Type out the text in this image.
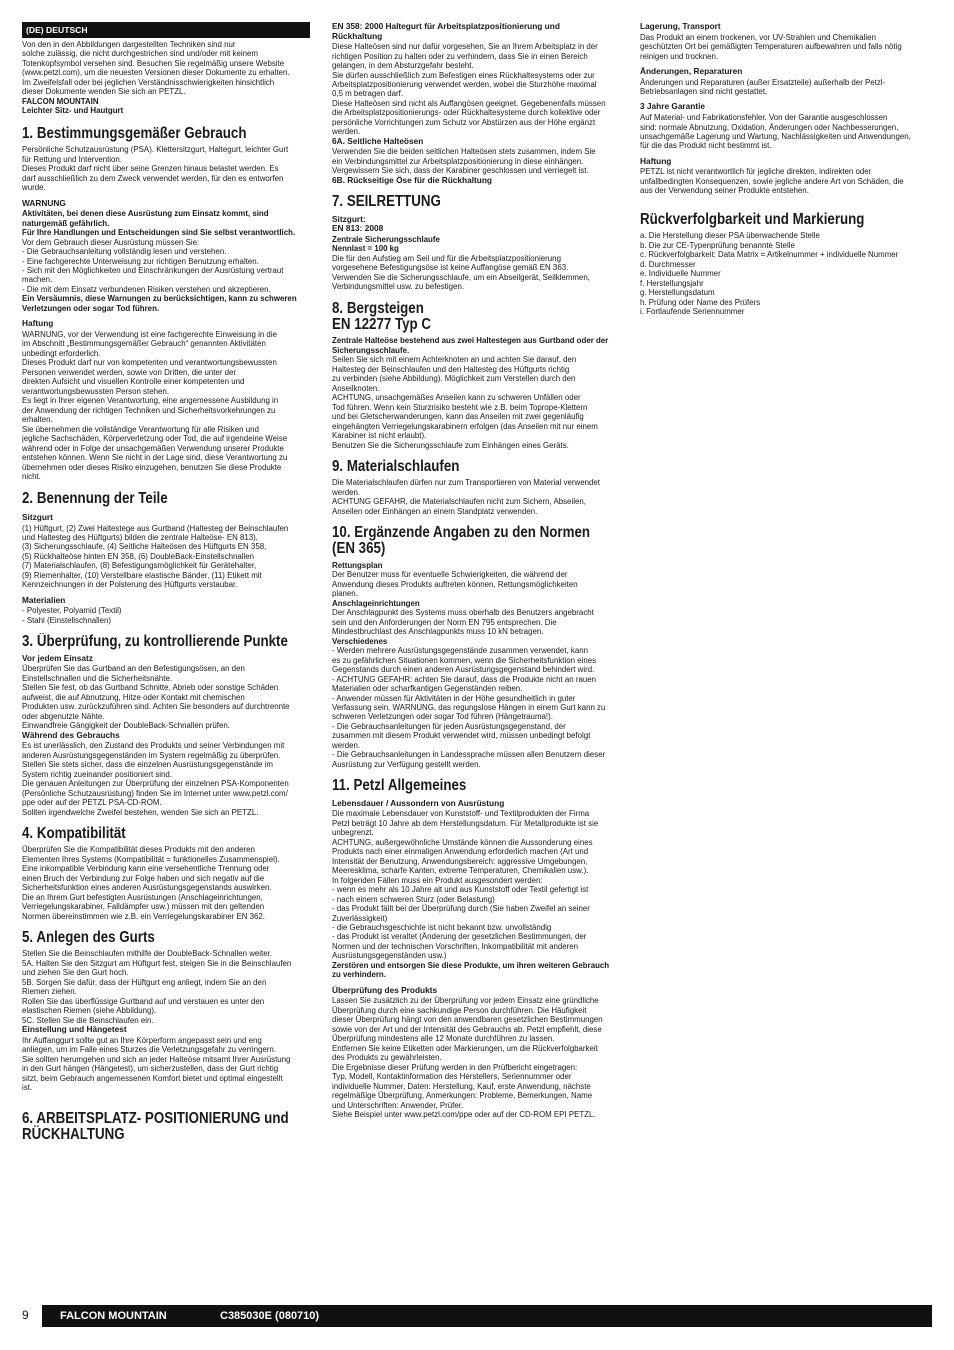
(DE) DEUTSCH

Von den in den Abbildungen dargestellten Techniken sind nur
solche zulässig, die nicht durchgestrichen sind und/oder mit keinem
Totenkopfsymbol versehen sind. Besuchen Sie regelmäßig unsere Website
(www.petzl.com), um die neuesten Versionen dieser Dokumente zu erhalten.
Im Zweifelsfall oder bei jeglichen Verständnisschwierigkeiten hinsichtlich
dieser Dokumente wenden Sie sich an PETZL.

FALCON MOUNTAIN

Leichter Sitz- und Hautgurt

1. Bestimmungsgemäßer Gebrauch

Persönliche Schutzausrüstung (PSA). Klettersitzgurt, Haltegurt, leichter Gurt
für Rettung und Intervention.
Dieses Produkt darf nicht über seine Grenzen hinaus belastet werden. Es
darf ausschließlich zu dem Zweck verwendet werden, für den es entworfen
wurde.

WARNUNG

Aktivitäten, bei denen diese Ausrüstung zum Einsatz kommt, sind
naturgemäß gefährlich.
Für Ihre Handlungen und Entscheidungen sind Sie selbst verantwortlich.

Vor dem Gebrauch dieser Ausrüstung müssen Sie:
- Die Gebrauchsanleitung vollständig lesen und verstehen.
- Eine fachgerechte Unterweisung zur richtigen Benutzung erhalten.
- Sich mit den Möglichkeiten und Einschränkungen der Ausrüstung vertraut
machen.
- Die mit dem Einsatz verbundenen Risiken verstehen und akzeptieren.

Ein Versäumnis, diese Warnungen zu berücksichtigen, kann zu schweren
Verletzungen oder sogar Tod führen.

Haftung

WARNUNG, vor der Verwendung ist eine fachgerechte Einweisung in die
im Abschnitt „Bestimmungsgemäßer Gebrauch“ genannten Aktivitäten
unbedingt erforderlich.
Dieses Produkt darf nur von kompetenten und verantwortungsbewussten
Personen verwendet werden, sowie von Dritten, die unter der
direkten Aufsicht und visuellen Kontrolle einer kompetenten und
verantwortungsbewussten Person stehen.
Es liegt in Ihrer eigenen Verantwortung, eine angemessene Ausbildung in
der Anwendung der richtigen Techniken und Sicherheitsvorkehrungen zu
erhalten.
Sie übernehmen die vollständige Verantwortung für alle Risiken und
jegliche Sachschäden, Körperverletzung oder Tod, die auf irgendeine Weise
während oder in Folge der unsachgemäßen Verwendung unserer Produkte
entstehen können. Wenn Sie nicht in der Lage sind, diese Verantwortung zu
übernehmen oder dieses Risiko einzugehen, benutzen Sie diese Produkte
nicht.

2. Benennung der Teile
Sitzgurt

(1) Hüftgurt, (2) Zwei Haltestege aus Gurtband (Haltesteg der Beinschlaufen
und Haltesteg des Hüftgurts) bilden die zentrale Halteöse- EN 813),
(3) Sicherungsschlaufe, (4) Seitliche Halteösen des Hüftgurts EN 358,
(5) Rückhalteöse hinten EN 358, (6) DoubleBack-Einstellschnallen
(7) Materialschlaufen, (8) Befestigungsmöglichkeit für Gerätehalter,
(9) Riemenhalter, (10) Verstellbare elastische Bänder, (11) Etikett mit
Kennzeichnungen in der Polsterung des Hüftgurts verstaubar.

Materialien

- Polyester, Polyamid (Textil)
- Stahl (Einstellschnallen)

3. Überprüfung, zu kontrollierende Punkte
Vor jedem Einsatz

Überprüfen Sie das Gurtband an den Befestigungsösen, an den
Einstellschnallen und die Sicherheitsnähte.
Stellen Sie fest, ob das Gurtband Schnitte, Abrieb oder sonstige Schäden
aufweist, die auf Abnutzung, Hitze oder Kontakt mit chemischen
Produkten usw. zurückzuführen sind. Achten Sie besonders auf durchtrennte
oder abgenutzte Nähte.
Einwandfreie Gängigkeit der DoubleBack-Schnallen prüfen.

Während des Gebrauchs

Es ist unerlässlich, den Zustand des Produkts und seiner Verbindungen mit
anderen Ausrüstungsgegenständen im System regelmäßig zu überprüfen.
Stellen Sie stets sicher, dass die einzelnen Ausrüstungsgegenstände im
System richtig zueinander positioniert sind.
Die genauen Anleitungen zur Überprüfung der einzelnen PSA-Komponenten
(Persönliche Schutzausrüstung) finden Sie im Internet unter www.petzl.com/
ppe oder auf der PETZL PSA-CD-ROM.
Sollten irgendwelche Zweifel bestehen, wenden Sie sich an PETZL.

4. Kompatibilität

Überprüfen Sie die Kompatibilität dieses Produkts mit den anderen
Elementen Ihres Systems (Kompatibilität = funktionelles Zusammenspiel).
Eine inkompatible Verbindung kann eine versehentliche Trennung oder
einen Bruch der Verbindung zur Folge haben und sich negativ auf die
Sicherheitsfunktion eines anderen Ausrüstungsgegenstands auswirken.
Die an Ihrem Gurt befestigten Ausrüstungen (Anschlageinrichtungen,
Verriegelungskarabiner, Falldämpfer usw.) müssen mit den geltenden
Normen übereinstimmen wie z.B. ein Verriegelungskarabiner EN 362.

5. Anlegen des Gurts

Stellen Sie die Beinschlaufen mithilfe der DoubleBack-Schnallen weiter.
5A. Halten Sie den Sitzgurt am Hüftgurt fest, steigen Sie in die Beinschlaufen
und ziehen Sie den Gurt hoch.
5B. Sorgen Sie dafür, dass der Hüftgurt eng anliegt, indem Sie an den
Riemen ziehen.
Rollen Sie das überflüssige Gurtband auf und verstauen es unter den
elastischen Riemen (siehe Abbildung).
5C. Stellen Sie die Beinschlaufen ein.

Einstellung und Hängetest

Ihr Auffanggurt sollte gut an Ihre Körperform angepasst sein und eng
anliegen, um im Falle eines Sturzes die Verletzungsgefahr zu verringern.
Sie sollten herumgehen und sich an jeder Halteöse mitsamt Ihrer Ausrüstung
in den Gurt hängen (Hängetest), um sicherzustellen, dass der Gurt richtig
sitzt, beim Gebrauch angemessenen Komfort bietet und optimal eingestellt
ist.

6. ARBEITSPLATZ- POSITIONIERUNG und
RÜCKHALTUNG
EN 358: 2000 Haltegurt für Arbeitsplatzpositionierung und
Rückhaltung

Diese Halteösen sind nur dafür vorgesehen, Sie an Ihrem Arbeitsplatz in der
richtigen Position zu halten oder zu verhindern, dass Sie in einen Bereich
gelangen, in dem Absturzgefahr besteht.
Sie dürfen ausschließlich zum Befestigen eines Rückhaltesystems oder zur
Arbeitsplatzpositionierung verwendet werden, wobei die Sturzhöhe maximal
0,5 m betragen darf.
Diese Halteösen sind nicht als Auffangösen geeignet. Gegebenenfalls müssen
die Arbeitsplatzpositionierungs- oder Rückhaltesysteme durch kollektive oder
persönliche Vorrichtungen zum Schutz vor Abstürzen aus der Höhe ergänzt
werden.

6A. Seitliche Halteösen

Verwenden Sie die beiden seitlichen Halteösen stets zusammen, indem Sie
ein Verbindungsmittel zur Arbeitsplatzpositionierung in diese einhängen.
Vergewissern Sie sich, dass der Karabiner geschlossen und verriegelt ist.

6B. Rückseitige Öse für die Rückhaltung
7. SEILRETTUNG
Sitzgurt:
EN 813: 2008

Zentrale Sicherungsschlaufe
Nennlast = 100 kg

Die für den Aufstieg am Seil und für die Arbeitsplatzpositionierung
vorgesehene Befestigungsöse ist keine Auffangöse gemäß EN 363.
Verwenden Sie die Sicherungsschlaufe, um ein Abseilgerät, Seilklemmen,
Verbindungsmittel usw. zu befestigen.

8. Bergsteigen
EN 12277 Typ C

Zentrale Halteöse bestehend aus zwei Haltestegen aus Gurtband oder der
Sicherungsschlaufe.

Seilen Sie sich mit einem Achterknoten an und achten Sie darauf, den
Haltesteg der Beinschlaufen und den Haltesteg des Hüftgurts richtig
zu verbinden (siehe Abbildung). Möglichkeit zum Verstellen durch den
Anseilknoten.
ACHTUNG, unsachgemäßes Anseilen kann zu schweren Unfällen oder
Tod führen. Wenn kein Sturzrisiko besteht wie z.B. beim Toprope-Klettern
und bei Gletscherwanderungen, kann das Anseilen mit zwei gegenläufig
eingehängten Verriegelungskarabinern erfolgen (das Anseilen mit nur einem
Karabiner ist nicht erlaubt).
Benutzen Sie die Sicherungsschlaufe zum Einhängen eines Geräts.

9. Materialschlaufen

Die Materialschlaufen dürfen nur zum Transportieren von Material verwendet
werden.
ACHTUNG GEFAHR, die Materialschlaufen nicht zum Sichern, Abseilen,
Anseilen oder Einhängen an einem Standplatz verwenden.

10. Ergänzende Angaben zu den Normen
(EN 365)

Rettungsplan

Der Benutzer muss für eventuelle Schwierigkeiten, die während der
Anwendung dieses Produkts auftreten können, Rettungsmöglichkeiten
planen.

Anschlageinrichtungen

Der Anschlagpunkt des Systems muss oberhalb des Benutzers angebracht
sein und den Anforderungen der Norm EN 795 entsprechen. Die
Mindestbruchlast des Anschlagpunkts muss 10 kN betragen.

Verschiedenes

- Werden mehrere Ausrüstungsgegenstände zusammen verwendet, kann
es zu gefährlichen Situationen kommen, wenn die Sicherheitsfunktion eines
Gegenstands durch einen anderen Ausrüstungsgegenstand behindert wird.
- ACHTUNG GEFAHR: achten Sie darauf, dass die Produkte nicht an rauen
Materialien oder scharfkantigen Gegenständen reiben.
- Anwender müssen für Aktivitäten in der Höhe gesundheitlich in guter
Verfassung sein. WARNUNG, das regungslose Hängen in einem Gurt kann zu
schweren Verletzungen oder sogar Tod führen (Hängetrauma!).
- Die Gebrauchsanleitungen für jeden Ausrüstungsgegenstand, der
zusammen mit diesem Produkt verwendet wird, müssen unbedingt befolgt
werden.
- Die Gebrauchsanleitungen in Landessprache müssen allen Benutzern dieser
Ausrüstung zur Verfügung gestellt werden.

11. Petzl Allgemeines
Lebensdauer / Aussondern von Ausrüstung

Die maximale Lebensdauer von Kunststoff- und Textilprodukten der Firma
Petzl beträgt 10 Jahre ab dem Herstellungsdatum. Für Metallprodukte ist sie
unbegrenzt.
ACHTUNG, außergewöhnliche Umstände können die Aussonderung eines
Produkts nach einer einmaligen Anwendung erforderlich machen (Art und
Intensität der Benutzung, Anwendungsbereich: aggressive Umgebungen,
Meeresklima, scharfe Kanten, extreme Temperaturen, Chemikalien usw.).
In folgenden Fällen muss ein Produkt ausgesondert werden:
- wenn es mehr als 10 Jahre alt und aus Kunststoff oder Textil gefertigt ist
- nach einem schweren Sturz (oder Belastung)
- das Produkt fällt bei der Überprüfung durch (Sie haben Zweifel an seiner
Zuverlässigkeit)
- die Gebrauchsgeschichte ist nicht bekannt bzw. unvollständig
- das Produkt ist veraltet (Änderung der gesetzlichen Bestimmungen, der
Normen und der technischen Vorschriften, Inkompatibilität mit anderen
Ausrüstungsgegenständen usw.)

Zerstören und entsorgen Sie diese Produkte, um ihren weiteren Gebrauch
zu verhindern.

Überprüfung des Produkts

Lassen Sie zusätzlich zu der Überprüfung vor jedem Einsatz eine gründliche
Überprüfung durch eine sachkundige Person durchführen. Die Häufigkeit
dieser Überprüfung hängt von den anwendbaren gesetzlichen Bestimmungen
sowie von der Art und der Intensität des Gebrauchs ab. Petzl empfiehlt, diese
Überprüfung mindestens alle 12 Monate durchführen zu lassen.
Entfernen Sie keine Etiketten oder Markierungen, um die Rückverfolgbarkeit
des Produkts zu gewährleisten.
Die Ergebnisse dieser Prüfung werden in den Prüfbericht eingetragen:
Typ, Modell, Kontaktinformation des Herstellers, Seriennummer oder
individuelle Nummer, Daten: Herstellung, Kauf, erste Anwendung, nächste
regelmäßige Überprüfung, Anmerkungen: Probleme, Bemerkungen, Name
und Unterschriften: Anwender, Prüfer.
Siehe Beispiel unter www.petzl.com/ppe oder auf der CD-ROM EPI PETZL.

Lagerung, Transport

Das Produkt an einem trockenen, vor UV-Strahlen und Chemikalien
geschützten Ort bei gemäßigten Temperaturen aufbewahren und falls nötig
reinigen und trocknen.

Änderungen, Reparaturen

Änderungen und Reparaturen (außer Ersatzteile) außerhalb der Petzl-
Betriebsanlagen sind nicht gestattet.

3 Jahre Garantie

Auf Material- und Fabrikationsfehler. Von der Garantie ausgeschlossen
sind: normale Abnutzung, Oxidation, Änderungen oder Nachbesserungen,
unsachgemäße Lagerung und Wartung, Nachlässigkeiten und Anwendungen,
für die das Produkt nicht bestimmt ist.

Haftung

PETZL ist nicht verantwortlich für jegliche direkten, indirekten oder
unfallbedingten Konsequenzen, sowie jegliche andere Art von Schäden, die
aus der Verwendung seiner Produkte entstehen.

Rückverfolgbarkeit und Markierung

a. Die Herstellung dieser PSA überwachende Stelle
b. Die zur CE-Typenprüfung benannte Stelle
c. Rückverfolgbarkeit: Data Matrix = Artikelnummer + individuelle Nummer
d. Durchmesser
e. Individuelle Nummer
f. Herstellungsjahr
g. Herstellungsdatum
h. Prüfung oder Name des Prüfers
i. Fortlaufende Seriennummer

9	FALCON MOUNTAIN	C385030E (080710)
